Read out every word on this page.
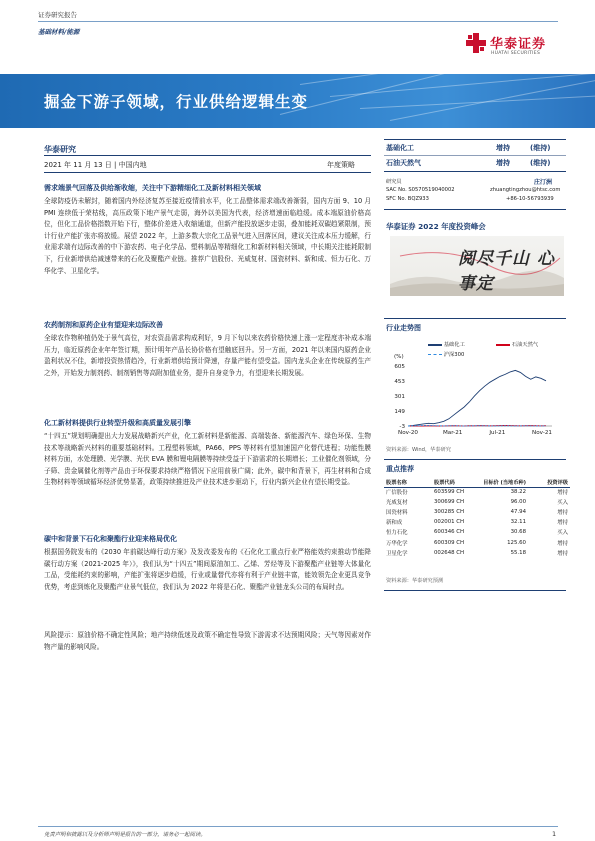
证券研究报告
基础材料/能源
华泰证券
HUATAI SECURITIES
掘金下游子领域，行业供给逻辑生变
华泰研究
2021 年 11 月 13 日 | 中国内地	年度策略
需求端景气回落及供给渐收缩，关注中下游精细化工及新材料相关领域
全球防疫仍未解封，随着国内外经济复苏至接近疫情前水平，化工品整体需求端改善渐弱，国内方面 9、10 月 PMI 连续低于荣枯线，高压政策下地产景气走弱，海外以美国为代表，经济增速面临趋缓。成本端原油价格高位，但化工品价格指数开始下行，整体价差进入收缩通道，但新产能投放逐步走弱，叠加能耗双碳趋紧限制，预计行业产能扩张亦将放缓。展望 2022 年，上游多数大宗化工品景气进入回落区间，建议关注成本压力缓解，行业需求端有边际改善的中下游农药、电子化学品、塑料制品等精细化工和新材料相关领域，中长期关注能耗限制下，行业新增供给减速带来的石化及聚酯产业链。推荐广信股份、光威复材、国瓷材料、新和成、恒力石化、万华化学、卫星化学。
农药制剂和原药企业有望迎来边际改善
全球农作物种植仍处于景气高位，对农资品需求构成利好，9 月下旬以来农药价格快速上涨一定程度亦补成本端压力，临近原药企业年年签订期，预计明年产品长协价格有望触底回升。另一方面，2021 年以来国内原药企业盈利状况不佳，新增投资热情趋冷，行业新增供给预计降速，存量产能有望受益。国内龙头企业在传统原药生产之外，开始发力制剂药、制剂销售等高附加值业务，提升自身竞争力，有望迎来长期发展。
化工新材料提供行业转型升级和高质量发展引擎
“十四五”规划明确提出大力发展战略新兴产业，化工新材料是新能源、高端装备、新能源汽车、绿色环保、生物技术等战略新兴材料的重要基础材料。工程塑料领域，PA66、PPS 等材料有望加速国产化替代进程；功能性膜材料方面，水处理膜、光学膜、光伏 EVA 膜和锂电隔膜等持续受益于下游需求的长期增长；工业催化剂领域，分子筛、贵金属催化剂等产品由于环保要求持续严格情况下应用前景广阔；此外，碳中和背景下，再生材料和合成生物材料等领域循环经济优势显著，政策持续推进及产业技术进步驱动下，行业内新兴企业有望长期受益。
碳中和背景下石化和聚酯行业迎来格局优化
根据国务院发布的《2030 年前碳达峰行动方案》及发改委发布的《石化化工重点行业严格能效约束推动节能降碳行动方案（2021-2025 年）》，我们认为“十四五”期间原油加工、乙烯、芳烃等及下游聚酯产业链等大体量化工品，受能耗约束的影响，产能扩张将逐步趋缓，行业或量替代亦将有利于产业链丰富，能效领先企业更具竞争优势，考虑到炼化及聚酯产业景气低位，我们认为 2022 年将是石化、聚酯产业链龙头公司的布局时点。
风险提示：原油价格不确定性风险；地产持续低迷及政策不确定性导致下游需求不达预期风险；天气等因素对作物产量的影响风险。
基础化工	增持	(维持)
石油天然气	增持	(维持)
研究员	庄汀洲
SAC No. S0570519040002	zhuangtingzhou@htsc.com
SFC No. BQZ933	+86-10-56793939
华泰证券 2022 年度投资峰会
阅尽千山 心事定
行业走势图
基础化工	石油天然气
沪深300
(%)
605
453
301
149
-3
Nov-20	Mar-21	Jul-21	Nov-21
资料来源：Wind，华泰研究
重点推荐
股票名称	股票代码	目标价 (当地币种)	投资评级
广信股份	603599 CH	38.22	增持
光威复材	300699 CH	96.00	买入
国瓷材料	300285 CH	47.94	增持
新和成	002001 CH	32.11	增持
恒力石化	600346 CH	30.68	买入
万华化学	600309 CH	125.60	增持
卫星化学	002648 CH	55.18	增持
资料来源：华泰研究预测
免责声明和披露以及分析师声明是报告的一部分，请务必一起阅读。	1
